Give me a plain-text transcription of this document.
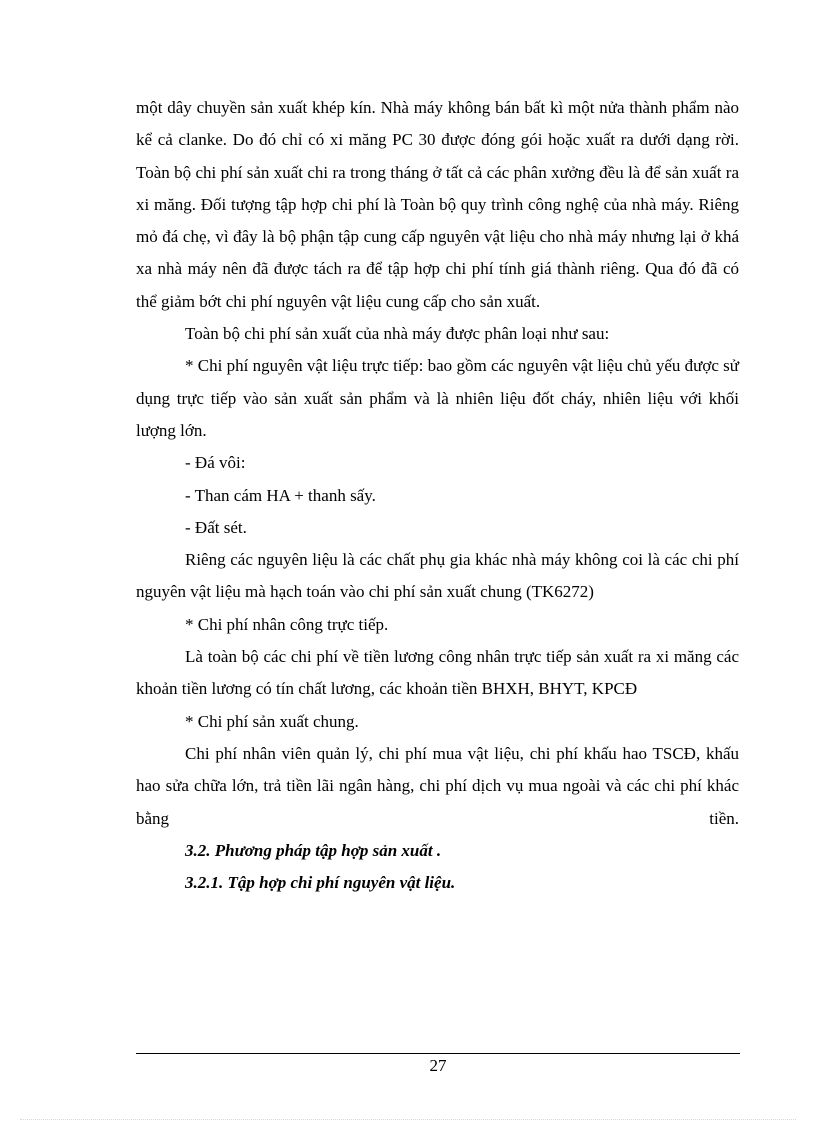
một dây chuyền sản xuất khép kín. Nhà máy không bán bất kì một nửa thành phẩm nào kể cả clanke. Do đó chỉ có xi măng PC 30 được đóng gói hoặc xuất ra dưới dạng rời. Toàn bộ chi phí sản xuất chi ra trong tháng ở tất cả các phân xưởng đều là để sản xuất ra xi măng. Đối tượng tập hợp chi phí là Toàn bộ quy trình công nghệ của nhà máy. Riêng mỏ đá chẹ, vì đây là bộ phận tập cung cấp nguyên vật liệu cho nhà máy nhưng lại ở khá xa nhà máy nên đã được tách ra để tập hợp chi phí tính giá thành riêng. Qua đó đã có thể giảm bớt chi phí nguyên vật liệu cung cấp cho sản xuất.

Toàn bộ chi phí sản xuất của nhà máy được phân loại như sau:

* Chi phí nguyên vật liệu trực tiếp: bao gồm các nguyên vật liệu chủ yếu được sử dụng trực tiếp vào sản xuất sản phẩm và là nhiên liệu đốt cháy, nhiên liệu với khối lượng lớn.

- Đá vôi:

- Than cám HA + thanh sấy.

- Đất sét.

Riêng các nguyên liệu là các chất phụ gia khác nhà máy không coi là các chi phí nguyên vật liệu mà hạch toán vào chi phí sản xuất chung (TK6272)

* Chi phí nhân công trực tiếp.

Là toàn bộ các chi phí về tiền lương công nhân trực tiếp sản xuất ra xi măng các khoản tiền lương có tín chất lương, các khoản tiền BHXH, BHYT, KPCĐ

* Chi phí sản xuất chung.

Chi phí nhân viên quản lý, chi phí mua vật liệu, chi phí khấu hao TSCĐ, khấu hao sửa chữa lớn, trả tiền lãi ngân hàng, chi phí dịch vụ mua ngoài và các chi phí khác bằng tiền.

3.2. Phương pháp tập hợp sản xuất .

3.2.1. Tập hợp chi phí nguyên vật liệu.

27
